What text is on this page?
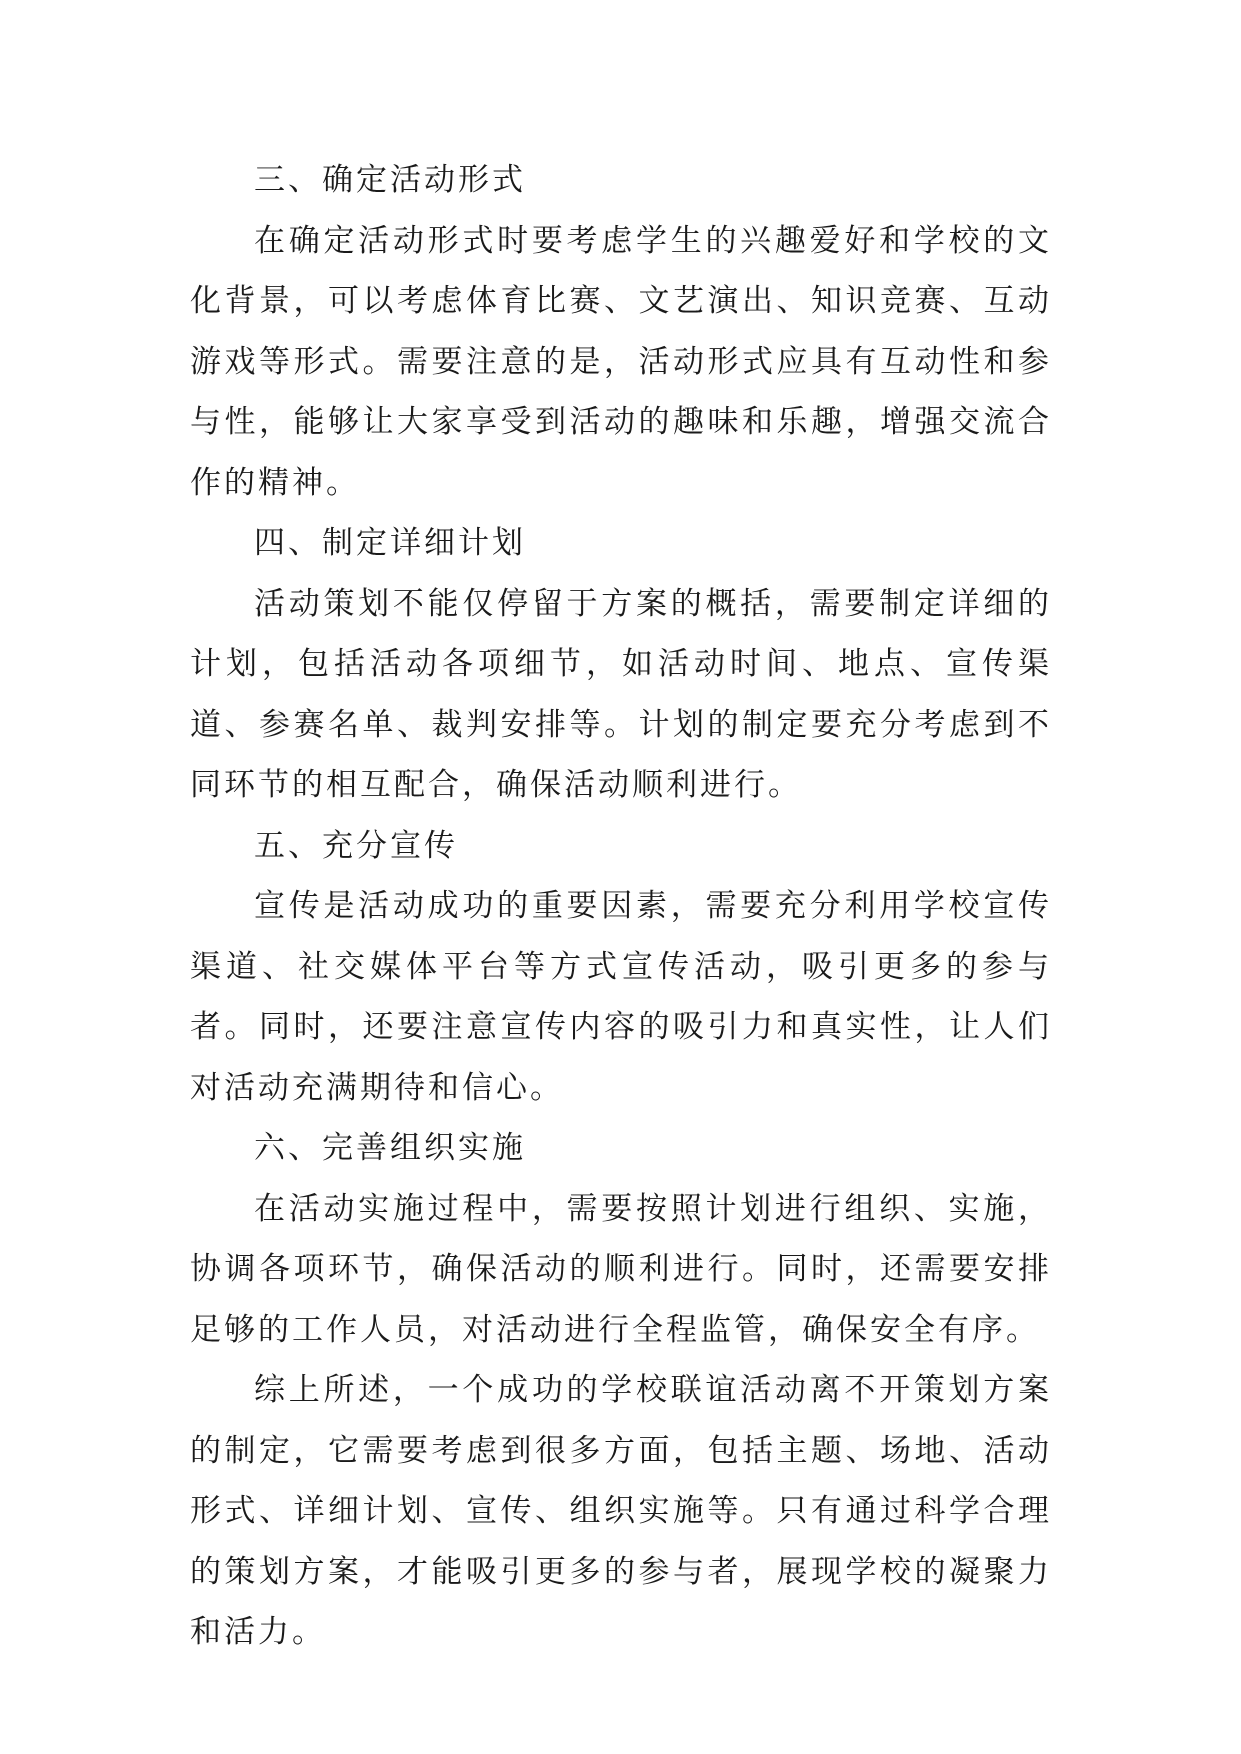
三、确定活动形式

在确定活动形式时要考虑学生的兴趣爱好和学校的文化背景，可以考虑体育比赛、文艺演出、知识竞赛、互动游戏等形式。需要注意的是，活动形式应具有互动性和参与性，能够让大家享受到活动的趣味和乐趣，增强交流合作的精神。

四、制定详细计划

活动策划不能仅停留于方案的概括，需要制定详细的计划，包括活动各项细节，如活动时间、地点、宣传渠道、参赛名单、裁判安排等。计划的制定要充分考虑到不同环节的相互配合，确保活动顺利进行。

五、充分宣传

宣传是活动成功的重要因素，需要充分利用学校宣传渠道、社交媒体平台等方式宣传活动，吸引更多的参与者。同时，还要注意宣传内容的吸引力和真实性，让人们对活动充满期待和信心。

六、完善组织实施

在活动实施过程中，需要按照计划进行组织、实施，协调各项环节，确保活动的顺利进行。同时，还需要安排足够的工作人员，对活动进行全程监管，确保安全有序。

综上所述，一个成功的学校联谊活动离不开策划方案的制定，它需要考虑到很多方面，包括主题、场地、活动形式、详细计划、宣传、组织实施等。只有通过科学合理的策划方案，才能吸引更多的参与者，展现学校的凝聚力和活力。
